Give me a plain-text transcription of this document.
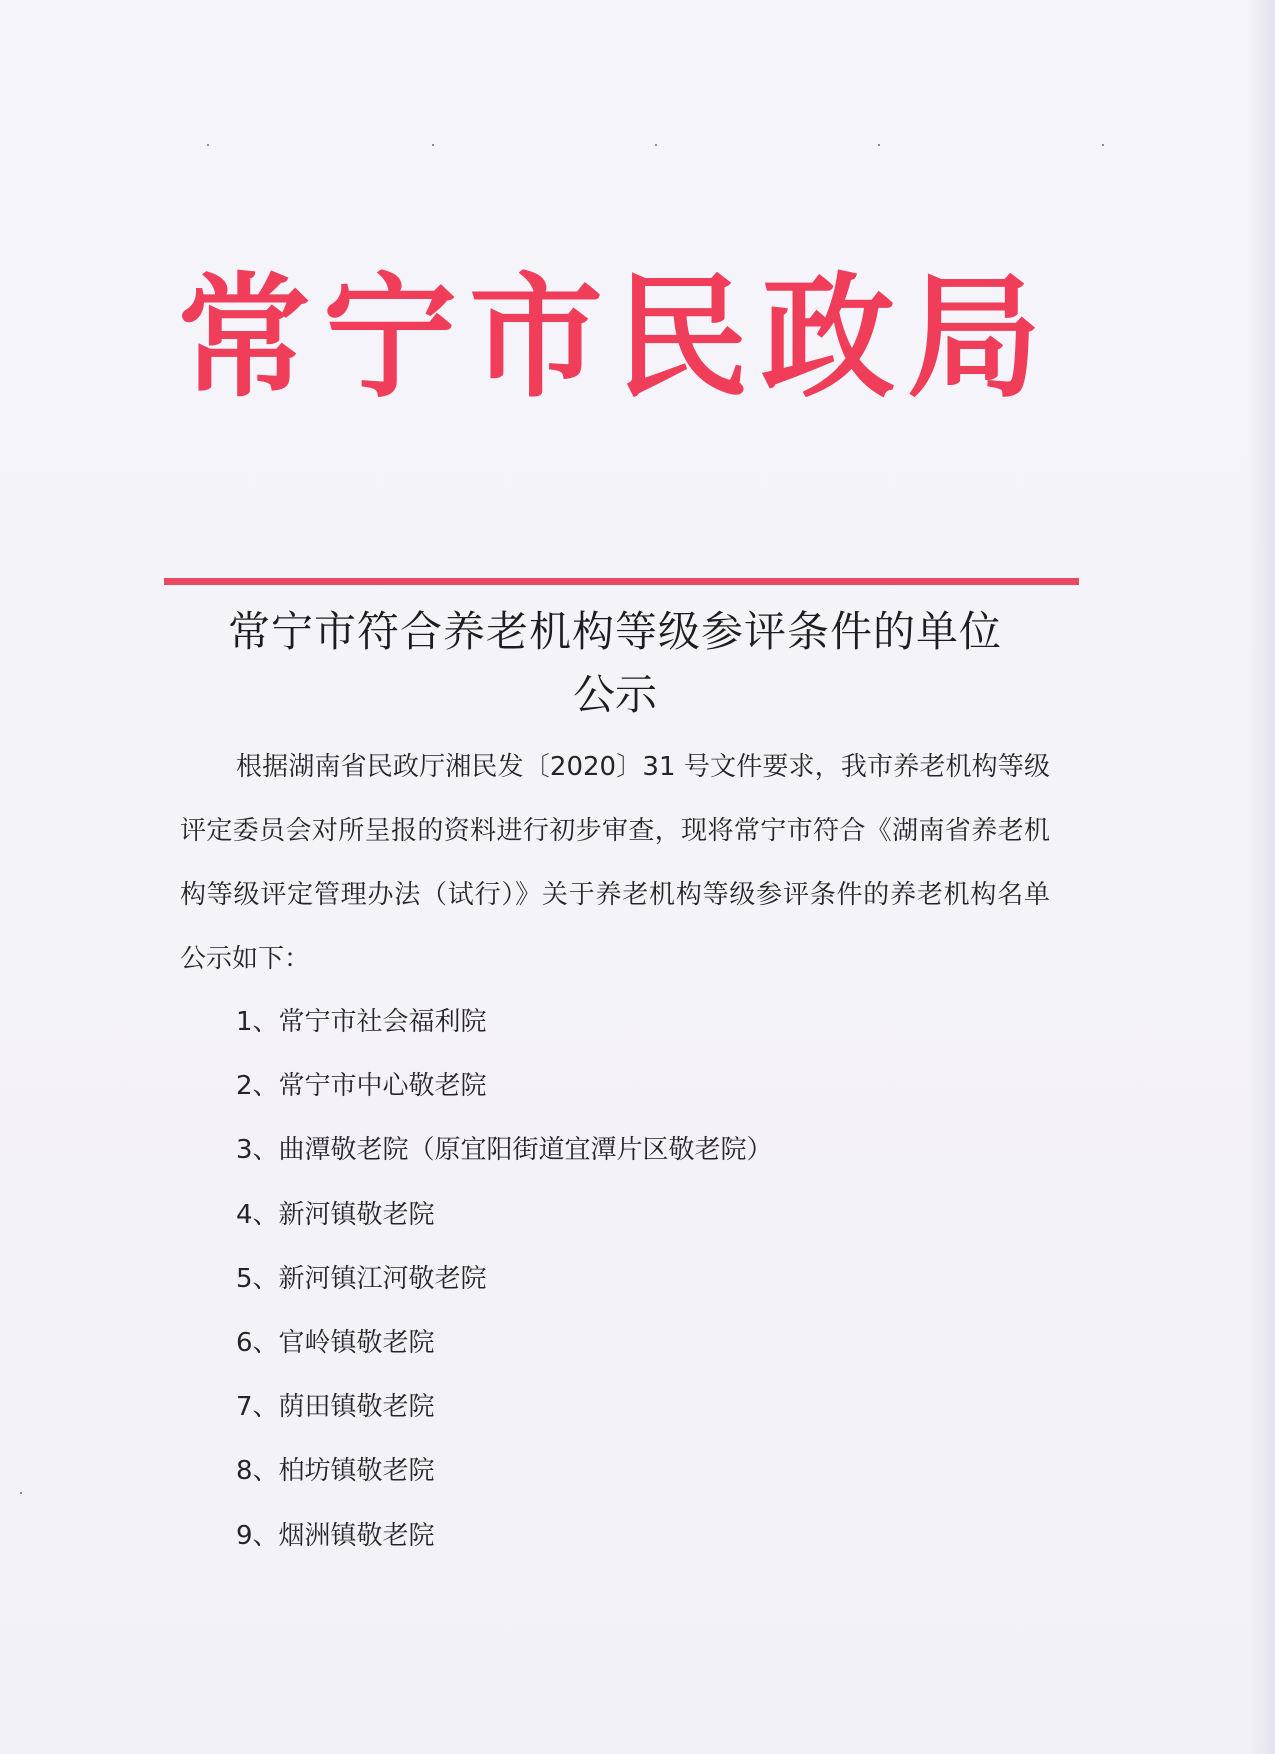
常宁市民政局
常宁市符合养老机构等级参评条件的单位
公示

根据湖南省民政厅湘民发〔2020〕31 号文件要求，我市养老机构等级评定委员会对所呈报的资料进行初步审查，现将常宁市符合《湖南省养老机构等级评定管理办法（试行）》关于养老机构等级参评条件的养老机构名单公示如下：

1、常宁市社会福利院
2、常宁市中心敬老院
3、曲潭敬老院（原宜阳街道宜潭片区敬老院）
4、新河镇敬老院
5、新河镇江河敬老院
6、官岭镇敬老院
7、荫田镇敬老院
8、柏坊镇敬老院
9、烟洲镇敬老院
